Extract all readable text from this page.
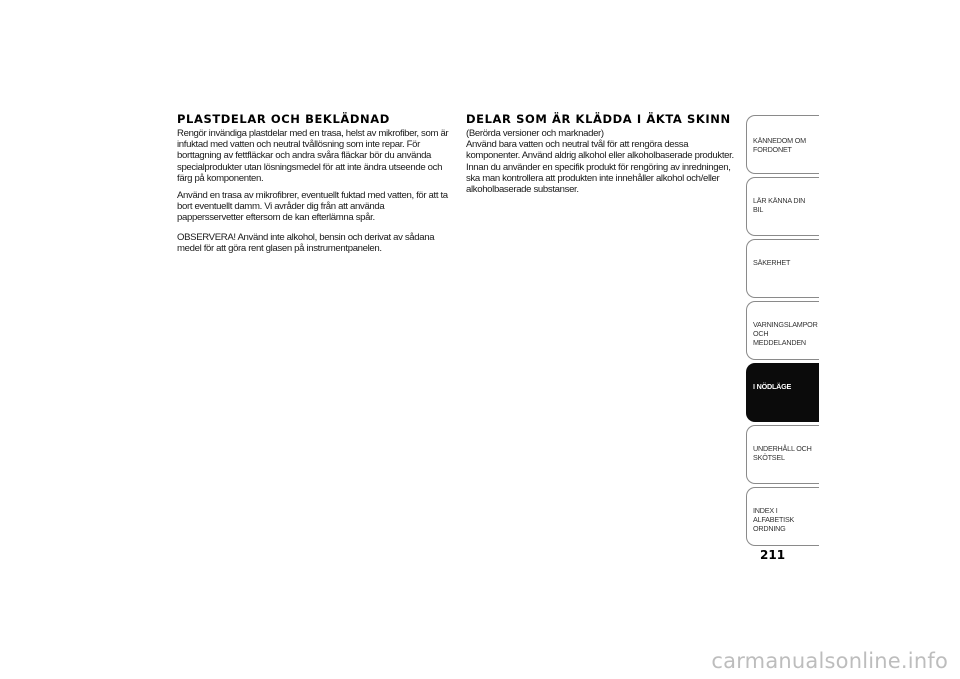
PLASTDELAR OCH BEKLÄDNAD

Rengör invändiga plastdelar med en trasa, helst av mikrofiber, som är infuktad med vatten och neutral tvållösning som inte repar. För borttagning av fettfläckar och andra svåra fläckar bör du använda specialprodukter utan lösningsmedel för att inte ändra utseende och färg på komponenten.

Använd en trasa av mikrofibrer, eventuellt fuktad med vatten, för att ta bort eventuellt damm. Vi avråder dig från att använda pappersservetter eftersom de kan efterlämna spår.

OBSERVERA! Använd inte alkohol, bensin och derivat av sådana medel för att göra rent glasen på instrumentpanelen.

DELAR SOM ÄR KLÄDDA I ÄKTA SKINN

(Berörda versioner och marknader)

Använd bara vatten och neutral tvål för att rengöra dessa komponenter. Använd aldrig alkohol eller alkoholbaserade produkter. Innan du använder en specifik produkt för rengöring av inredningen, ska man kontrollera att produkten inte innehåller alkohol och/eller alkoholbaserade substanser.

KÄNNEDOM OM FORDONET
LÄR KÄNNA DIN BIL
SÄKERHET
VARNINGSLAMPOR OCH MEDDELANDEN
I NÖDLÄGE
UNDERHÅLL OCH SKÖTSEL
INDEX I ALFABETISK ORDNING
211
carmanualsonline.info
